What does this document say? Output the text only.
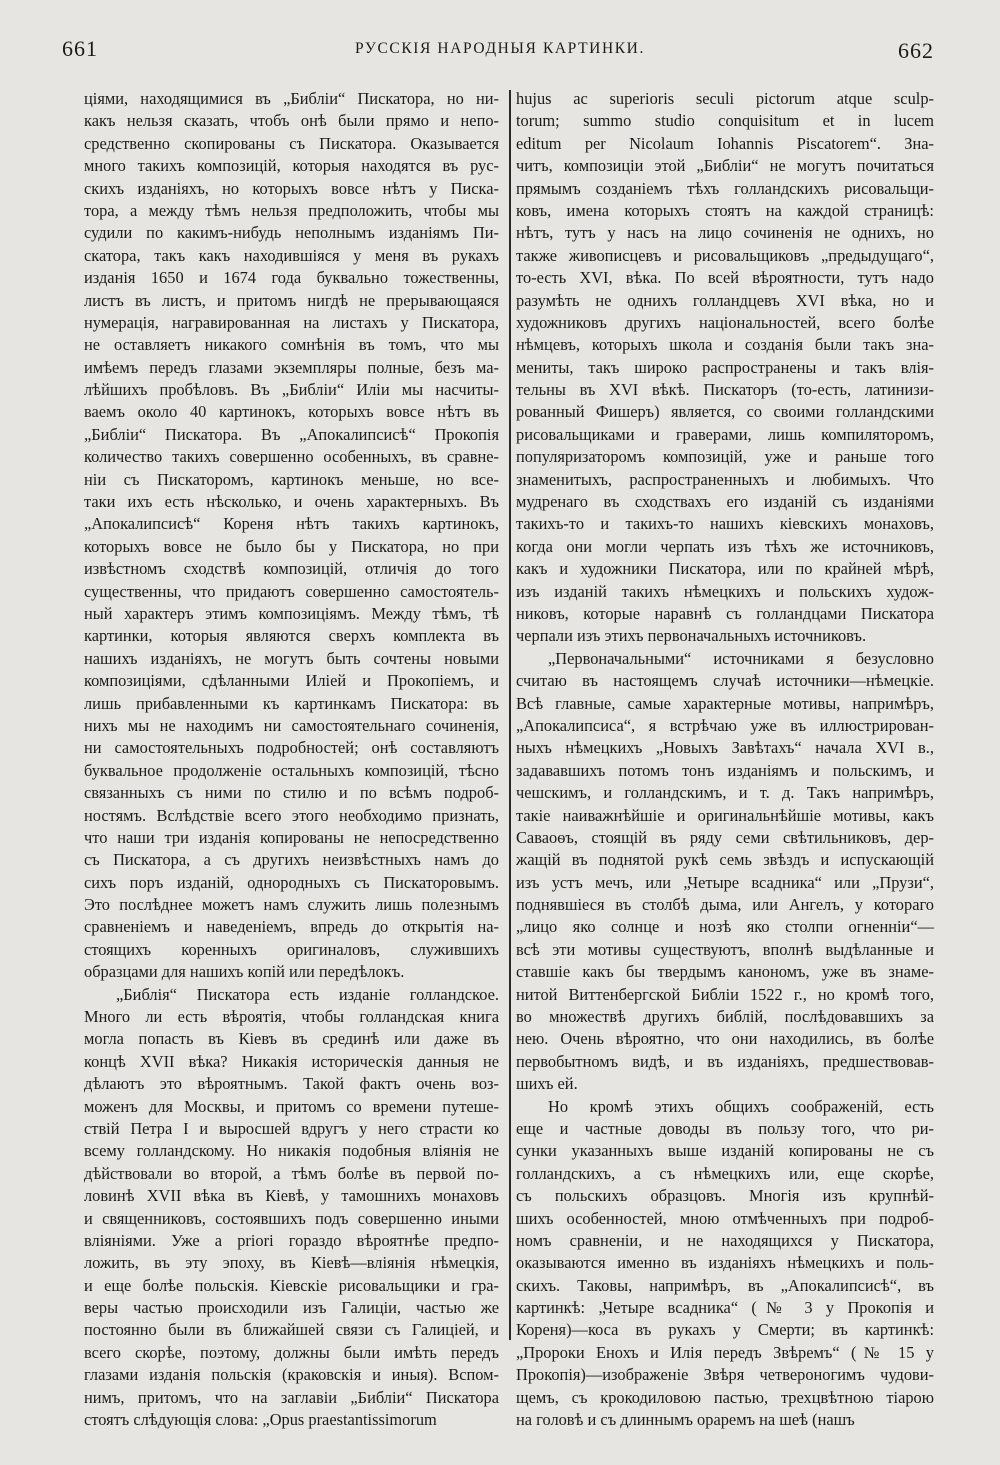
661	РУССКІЯ НАРОДНЫЯ КАРТИНКИ.	662
ціями, находящимися въ „Библіи“ Пискатора, но ни-
какъ нельзя сказать, чтобъ онѣ были прямо и непо-
средственно скопированы съ Пискатора. Оказывается
много такихъ композицій, которыя находятся въ рус-
скихъ изданіяхъ, но которыхъ вовсе нѣтъ у Писка-
тора, а между тѣмъ нельзя предположить, чтобы мы
судили по какимъ-нибудь неполнымъ изданіямъ Пи-
скатора, такъ какъ находившіяся у меня въ рукахъ
изданія 1650 и 1674 года буквально тожественны,
листъ въ листъ, и притомъ нигдѣ не прерывающаяся
нумерація, награвированная на листахъ у Пискатора,
не оставляетъ никакого сомнѣнія въ томъ, что мы
имѣемъ передъ глазами экземпляры полные, безъ ма-
лѣйшихъ пробѣловъ. Въ „Библіи“ Иліи мы насчиты-
ваемъ около 40 картинокъ, которыхъ вовсе нѣтъ въ
„Библіи“ Пискатора. Въ „Апокалипсисѣ“ Прокопія
количество такихъ совершенно особенныхъ, въ сравне-
ніи съ Пискаторомъ, картинокъ меньше, но все-
таки ихъ есть нѣсколько, и очень характерныхъ. Въ
„Апокалипсисѣ“ Кореня нѣтъ такихъ картинокъ,
которыхъ вовсе не было бы у Пискатора, но при
извѣстномъ сходствѣ композицій, отличія до того
существенны, что придаютъ совершенно самостоятель-
ный характеръ этимъ композиціямъ. Между тѣмъ, тѣ
картинки, которыя являются сверхъ комплекта въ
нашихъ изданіяхъ, не могутъ быть сочтены новыми
композиціями, сдѣланными Иліей и Прокопіемъ, и
лишь прибавленными къ картинкамъ Пискатора: въ
нихъ мы не находимъ ни самостоятельнаго сочиненія,
ни самостоятельныхъ подробностей; онѣ составляютъ
буквальное продолженіе остальныхъ композицій, тѣсно
связанныхъ съ ними по стилю и по всѣмъ подроб-
ностямъ. Вслѣдствіе всего этого необходимо признать,
что наши три изданія копированы не непосредственно
съ Пискатора, а съ другихъ неизвѣстныхъ намъ до
сихъ поръ изданій, однородныхъ съ Пискаторовымъ.
Это послѣднее можетъ намъ служить лишь полезнымъ
сравненіемъ и наведеніемъ, впредь до открытія на-
стоящихъ коренныхъ оригиналовъ, служившихъ
образцами для нашихъ копій или передѣлокъ.
„Библія“ Пискатора есть изданіе голландское.
Много ли есть вѣроятія, чтобы голландская книга
могла попасть въ Кіевъ въ срединѣ или даже въ
концѣ XVII вѣка? Никакія историческія данныя не
дѣлаютъ это вѣроятнымъ. Такой фактъ очень воз-
моженъ для Москвы, и притомъ со времени путеше-
ствій Петра I и выросшей вдругъ у него страсти ко
всему голландскому. Но никакія подобныя вліянія не
дѣйствовали во второй, а тѣмъ болѣе въ первой по-
ловинѣ XVII вѣка въ Кіевѣ, у тамошнихъ монаховъ
и священниковъ, состоявшихъ подъ совершенно иными
вліяніями. Уже а priori гораздо вѣроятнѣе предпо-
ложить, въ эту эпоху, въ Кіевѣ—вліянія нѣмецкія,
и еще болѣе польскія. Кіевскіе рисовальщики и гра-
веры частью происходили изъ Галиціи, частью же
постоянно были въ ближайшей связи съ Галиціей, и
всего скорѣе, поэтому, должны были имѣть передъ
глазами изданія польскія (краковскія и иныя). Вспом-
нимъ, притомъ, что на заглавіи „Библіи“ Пискатора
стоятъ слѣдующія слова: „Opus praestantissimorum
hujus ac superioris seculi pictorum atque sculp-
torum; summo studio conquisitum et in lucem
editum per Nicolaum Iohannis Piscatorem“. Зна-
читъ, композиціи этой „Библіи“ не могутъ почитаться
прямымъ созданіемъ тѣхъ голландскихъ рисовальщи-
ковъ, имена которыхъ стоятъ на каждой страницѣ:
нѣтъ, тутъ у насъ на лицо сочиненія не однихъ, но
также живописцевъ и рисовальщиковъ „предыдущаго“,
то-есть XVI, вѣка. По всей вѣроятности, тутъ надо
разумѣть не однихъ голландцевъ XVI вѣка, но и
художниковъ другихъ національностей, всего болѣе
нѣмцевъ, которыхъ школа и созданія были такъ зна-
мениты, такъ широко распространены и такъ влія-
тельны въ XVI вѣкѣ. Пискаторъ (то-есть, латинизи-
рованный Фишеръ) является, со своими голландскими
рисовальщиками и граверами, лишь компиляторомъ,
популяризаторомъ композицій, уже и раньше того
знаменитыхъ, распространенныхъ и любимыхъ. Что
мудренаго въ сходствахъ его изданій съ изданіями
такихъ-то и такихъ-то нашихъ кіевскихъ монаховъ,
когда они могли черпать изъ тѣхъ же источниковъ,
какъ и художники Пискатора, или по крайней мѣрѣ,
изъ изданій такихъ нѣмецкихъ и польскихъ худож-
никовъ, которые наравнѣ съ голландцами Пискатора
черпали изъ этихъ первоначальныхъ источниковъ.
„Первоначальными“ источниками я безусловно
считаю въ настоящемъ случаѣ источники—нѣмецкіе.
Всѣ главные, самые характерные мотивы, напримѣръ,
„Апокалипсиса“, я встрѣчаю уже въ иллюстрирован-
ныхъ нѣмецкихъ „Новыхъ Завѣтахъ“ начала XVI в.,
задававшихъ потомъ тонъ изданіямъ и польскимъ, и
чешскимъ, и голландскимъ, и т. д. Такъ напримѣръ,
такіе наиважнѣйшіе и оригинальнѣйшіе мотивы, какъ
Саваоѳъ, стоящій въ ряду семи свѣтильниковъ, дер-
жащій въ поднятой рукѣ семь звѣздъ и испускающій
изъ устъ мечъ, или „Четыре всадника“ или „Прузи“,
поднявшіеся въ столбѣ дыма, или Ангелъ, у котораго
„лицо яко солнце и нозѣ яко столпи огненніи“—
всѣ эти мотивы существуютъ, вполнѣ выдѣланные и
ставшіе какъ бы твердымъ канономъ, уже въ знаме-
нитой Виттенбергской Библіи 1522 г., но кромѣ того,
во множествѣ другихъ библій, послѣдовавшихъ за
нею. Очень вѣроятно, что они находились, въ болѣе
первобытномъ видѣ, и въ изданіяхъ, предшествовав-
шихъ ей.
Но кромѣ этихъ общихъ соображеній, есть
еще и частные доводы въ пользу того, что ри-
сунки указанныхъ выше изданій копированы не съ
голландскихъ, а съ нѣмецкихъ или, еще скорѣе,
съ польскихъ образцовъ. Многія изъ крупнѣй-
шихъ особенностей, мною отмѣченныхъ при подроб-
номъ сравненіи, и не находящихся у Пискатора,
оказываются именно въ изданіяхъ нѣмецкихъ и поль-
скихъ. Таковы, напримѣръ, въ „Апокалипсисѣ“, въ
картинкѣ: „Четыре всадника“ (№ 3 у Прокопія и
Кореня)—коса въ рукахъ у Смерти; въ картинкѣ:
„Пророки Енохъ и Илія передъ Звѣремъ“ (№ 15 у
Прокопія)—изображеніе Звѣря четвероногимъ чудови-
щемъ, съ крокодиловою пастью, трехцвѣтною тіарою
на головѣ и съ длиннымъ ораремъ на шеѣ (нашъ
